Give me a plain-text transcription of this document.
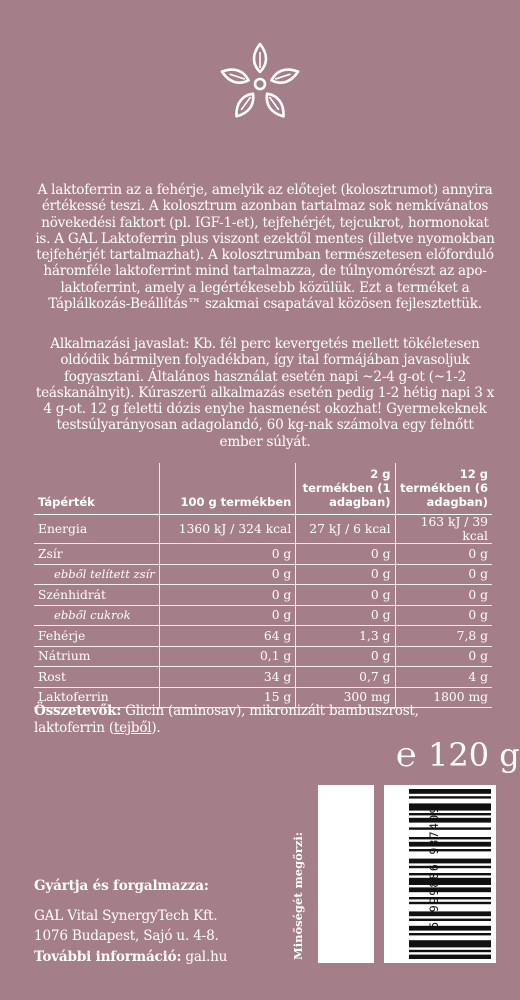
A laktoferrin az a fehérje, amelyik az előtejet (kolosztrumot) annyira értékessé teszi. A kolosztrum azonban tartalmaz sok nemkívánatos növekedési faktort (pl. IGF-1-et), tejfehérjét, tejcukrot, hormonokat is. A GAL Laktoferrin plus viszont ezektől mentes (illetve nyomokban tejfehérjét tartalmazhat). A kolosztrumban természetesen előforduló háromféle laktoferrint mind tartalmazza, de túlnyomórészt az apo-laktoferrint, amely a legértékesebb közülük. Ezt a terméket a Táplálkozás-Beállítás™ szakmai csapatával közösen fejlesztettük.

Alkalmazási javaslat: Kb. fél perc kevergetés mellett tökéletesen oldódik bármilyen folyadékban, így ital formájában javasoljuk fogyasztani. Általános használat esetén napi ~2-4 g-ot (~1-2 teáskanálnyit). Kúraszerű alkalmazás esetén pedig 1-2 hétig napi 3 x 4 g-ot. 12 g feletti dózis enyhe hasmenést okozhat! Gyermekeknek testsúlyarányosan adagolandó, 60 kg-nak számolva egy felnőtt ember súlyát.

Tápérték	100 g termékben	2 g termékben (1 adagban)	12 g termékben (6 adagban)
Energia	1360 kJ / 324 kcal	27 kJ / 6 kcal	163 kJ / 39 kcal
Zsír	0 g	0 g	0 g
ebből telített zsír	0 g	0 g	0 g
Szénhidrát	0 g	0 g	0 g
ebből cukrok	0 g	0 g	0 g
Fehérje	64 g	1,3 g	7,8 g
Nátrium	0,1 g	0 g	0 g
Rost	34 g	0,7 g	4 g
Laktoferrin	15 g	300 mg	1800 mg

Összetevők: Glicin (aminosav), mikronizált bambuszrost, laktoferrin (tejből).

℮ 120 g
Minőségét megőrzi:	5 999886 937409
Gyártja és forgalmazza:
GAL Vital SynergyTech Kft.
1076 Budapest, Sajó u. 4-8.
További információ: gal.hu
